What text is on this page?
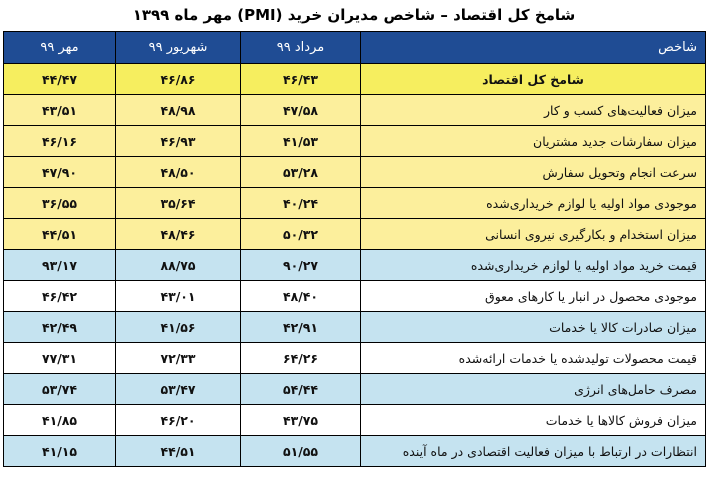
شامخ کل اقتصاد – شاخص مدیران خرید (PMI) مهر ماه ۱۳۹۹
شاخص	مرداد ۹۹	شهریور ۹۹	مهر ۹۹
شامخ کل اقتصاد	۴۶/۴۳	۴۶/۸۶	۴۴/۴۷
میزان فعالیت‌های کسب و کار	۴۷/۵۸	۴۸/۹۸	۴۳/۵۱
میزان سفارشات جدید مشتریان	۴۱/۵۳	۴۶/۹۳	۴۶/۱۶
سرعت انجام وتحویل سفارش	۵۳/۲۸	۴۸/۵۰	۴۷/۹۰
موجودی مواد اولیه یا لوازم خریداری‌شده	۴۰/۲۴	۳۵/۶۴	۳۶/۵۵
میزان استخدام و بکارگیری نیروی انسانی	۵۰/۳۲	۴۸/۴۶	۴۴/۵۱
قیمت خرید مواد اولیه یا لوازم خریداری‌شده	۹۰/۲۷	۸۸/۷۵	۹۳/۱۷
موجودی محصول در انبار یا کارهای معوق	۴۸/۴۰	۴۳/۰۱	۴۶/۴۲
میزان صادرات کالا یا خدمات	۴۲/۹۱	۴۱/۵۶	۴۲/۴۹
قیمت محصولات تولیدشده یا خدمات ارائه‌شده	۶۴/۲۶	۷۲/۳۳	۷۷/۳۱
مصرف حامل‌های انرژی	۵۴/۴۴	۵۳/۴۷	۵۳/۷۴
میزان فروش کالاها یا خدمات	۴۳/۷۵	۴۶/۲۰	۴۱/۸۵
انتظارات در ارتباط با میزان فعالیت اقتصادی در ماه آینده	۵۱/۵۵	۴۴/۵۱	۴۱/۱۵
